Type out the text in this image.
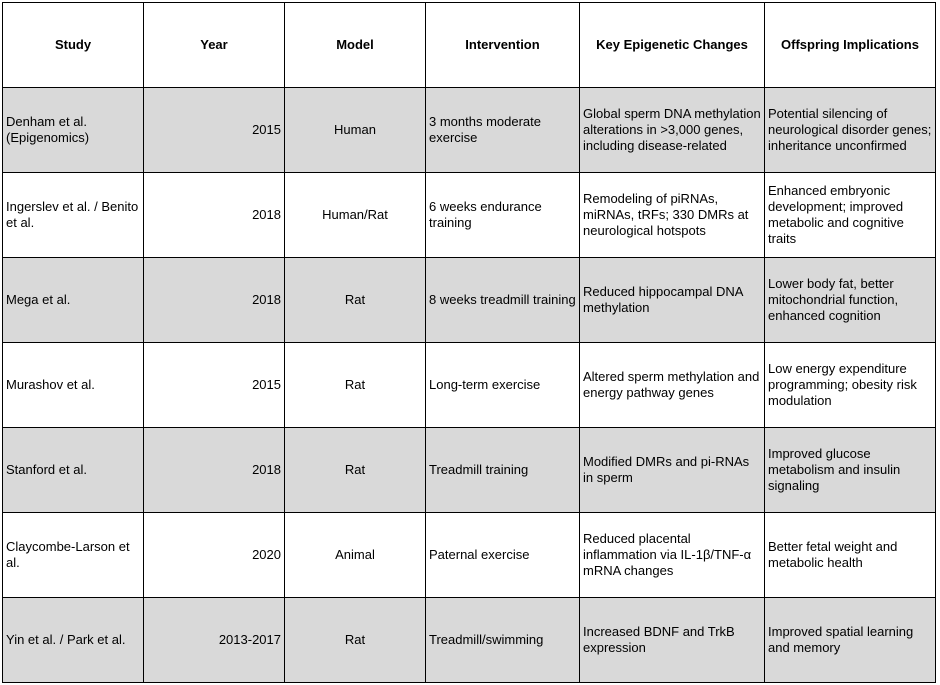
Study	Year	Model	Intervention	Key Epigenetic Changes	Offspring Implications
Denham et al. (Epigenomics)	2015	Human	3 months moderate exercise	Global sperm DNA methylation alterations in >3,000 genes, including disease-related	Potential silencing of neurological disorder genes; inheritance unconfirmed
Ingerslev et al. / Benito et al.	2018	Human/Rat	6 weeks endurance training	Remodeling of piRNAs, miRNAs, tRFs; 330 DMRs at neurological hotspots	Enhanced embryonic development; improved metabolic and cognitive traits
Mega et al.	2018	Rat	8 weeks treadmill training	Reduced hippocampal DNA methylation	Lower body fat, better mitochondrial function, enhanced cognition
Murashov et al.	2015	Rat	Long-term exercise	Altered sperm methylation and energy pathway genes	Low energy expenditure programming; obesity risk modulation
Stanford et al.	2018	Rat	Treadmill training	Modified DMRs and pi-RNAs in sperm	Improved glucose metabolism and insulin signaling
Claycombe-Larson et al.	2020	Animal	Paternal exercise	Reduced placental inflammation via IL-1β/TNF-α mRNA changes	Better fetal weight and metabolic health
Yin et al. / Park et al.	2013-2017	Rat	Treadmill/swimming	Increased BDNF and TrkB expression	Improved spatial learning and memory
